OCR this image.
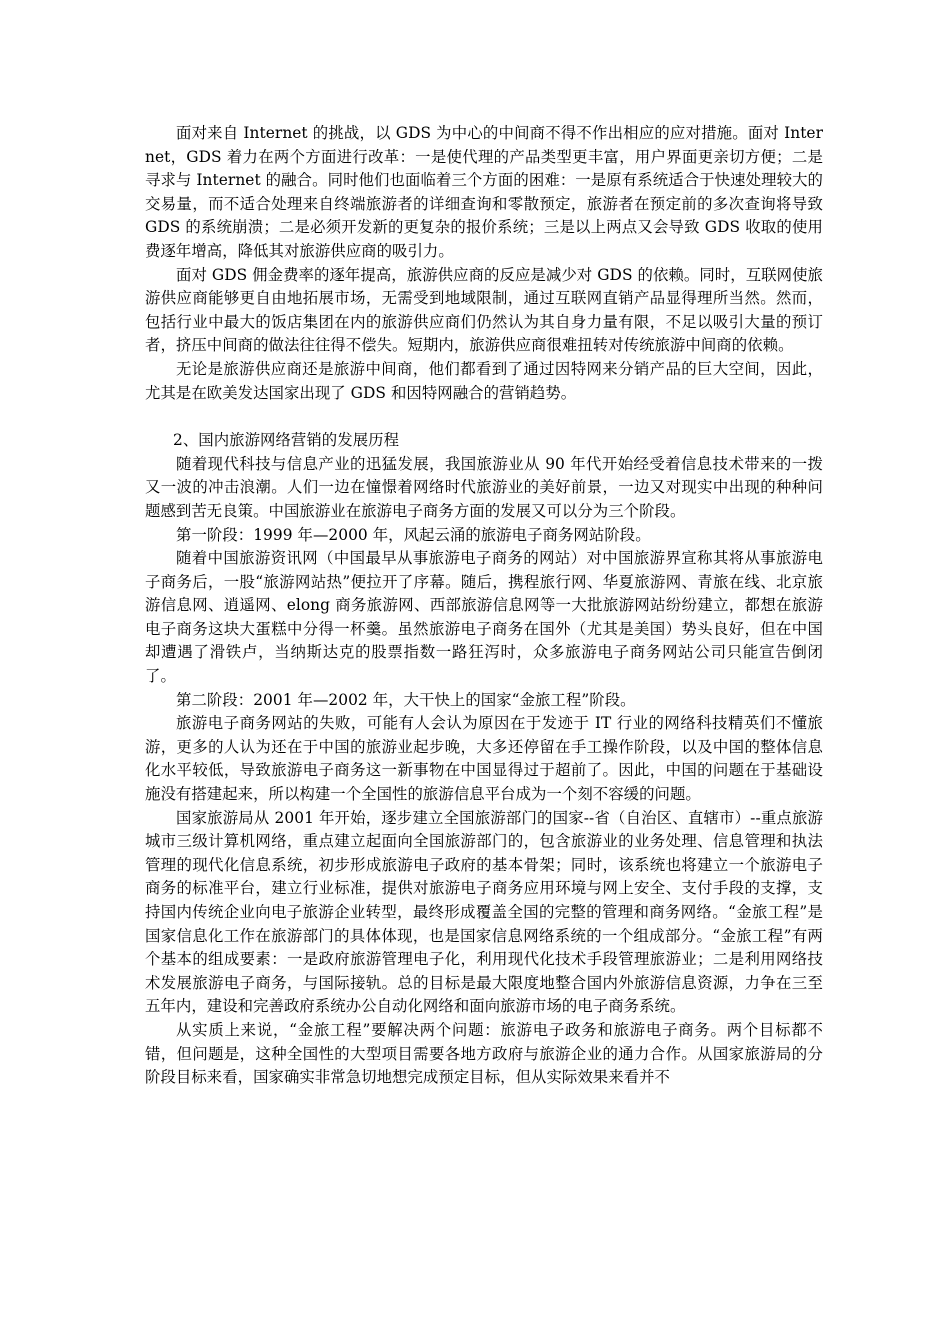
面对来自 Internet 的挑战，以 GDS 为中心的中间商不得不作出相应的应对措施。面对 Internet，GDS 着力在两个方面进行改革：一是使代理的产品类型更丰富，用户界面更亲切方便；二是寻求与 Internet 的融合。同时他们也面临着三个方面的困难：一是原有系统适合于快速处理较大的交易量，而不适合处理来自终端旅游者的详细查询和零散预定，旅游者在预定前的多次查询将导致 GDS 的系统崩溃；二是必须开发新的更复杂的报价系统；三是以上两点又会导致 GDS 收取的使用费逐年增高，降低其对旅游供应商的吸引力。

面对 GDS 佣金费率的逐年提高，旅游供应商的反应是减少对 GDS 的依赖。同时，互联网使旅游供应商能够更自由地拓展市场，无需受到地域限制，通过互联网直销产品显得理所当然。然而，包括行业中最大的饭店集团在内的旅游供应商们仍然认为其自身力量有限，不足以吸引大量的预订者，挤压中间商的做法往往得不偿失。短期内，旅游供应商很难扭转对传统旅游中间商的依赖。

无论是旅游供应商还是旅游中间商，他们都看到了通过因特网来分销产品的巨大空间，因此，尤其是在欧美发达国家出现了 GDS 和因特网融合的营销趋势。

2、国内旅游网络营销的发展历程

随着现代科技与信息产业的迅猛发展，我国旅游业从 90 年代开始经受着信息技术带来的一拨又一波的冲击浪潮。人们一边在憧憬着网络时代旅游业的美好前景，一边又对现实中出现的种种问题感到苦无良策。中国旅游业在旅游电子商务方面的发展又可以分为三个阶段。

第一阶段：1999 年—2000 年，风起云涌的旅游电子商务网站阶段。

随着中国旅游资讯网（中国最早从事旅游电子商务的网站）对中国旅游界宣称其将从事旅游电子商务后，一股“旅游网站热”便拉开了序幕。随后，携程旅行网、华夏旅游网、青旅在线、北京旅游信息网、逍遥网、elong 商务旅游网、西部旅游信息网等一大批旅游网站纷纷建立，都想在旅游电子商务这块大蛋糕中分得一杯羹。虽然旅游电子商务在国外（尤其是美国）势头良好，但在中国却遭遇了滑铁卢，当纳斯达克的股票指数一路狂泻时，众多旅游电子商务网站公司只能宣告倒闭了。

第二阶段：2001 年—2002 年，大干快上的国家“金旅工程”阶段。

旅游电子商务网站的失败，可能有人会认为原因在于发迹于 IT 行业的网络科技精英们不懂旅游，更多的人认为还在于中国的旅游业起步晚，大多还停留在手工操作阶段，以及中国的整体信息化水平较低，导致旅游电子商务这一新事物在中国显得过于超前了。因此，中国的问题在于基础设施没有搭建起来，所以构建一个全国性的旅游信息平台成为一个刻不容缓的问题。

国家旅游局从 2001 年开始，逐步建立全国旅游部门的国家--省（自治区、直辖市）--重点旅游城市三级计算机网络，重点建立起面向全国旅游部门的，包含旅游业的业务处理、信息管理和执法管理的现代化信息系统，初步形成旅游电子政府的基本骨架；同时，该系统也将建立一个旅游电子商务的标准平台，建立行业标准，提供对旅游电子商务应用环境与网上安全、支付手段的支撑，支持国内传统企业向电子旅游企业转型，最终形成覆盖全国的完整的管理和商务网络。“金旅工程”是国家信息化工作在旅游部门的具体体现，也是国家信息网络系统的一个组成部分。“金旅工程”有两个基本的组成要素：一是政府旅游管理电子化，利用现代化技术手段管理旅游业；二是利用网络技术发展旅游电子商务，与国际接轨。总的目标是最大限度地整合国内外旅游信息资源，力争在三至五年内，建设和完善政府系统办公自动化网络和面向旅游市场的电子商务系统。

从实质上来说，“金旅工程”要解决两个问题：旅游电子政务和旅游电子商务。两个目标都不错，但问题是，这种全国性的大型项目需要各地方政府与旅游企业的通力合作。从国家旅游局的分阶段目标来看，国家确实非常急切地想完成预定目标，但从实际效果来看并不
